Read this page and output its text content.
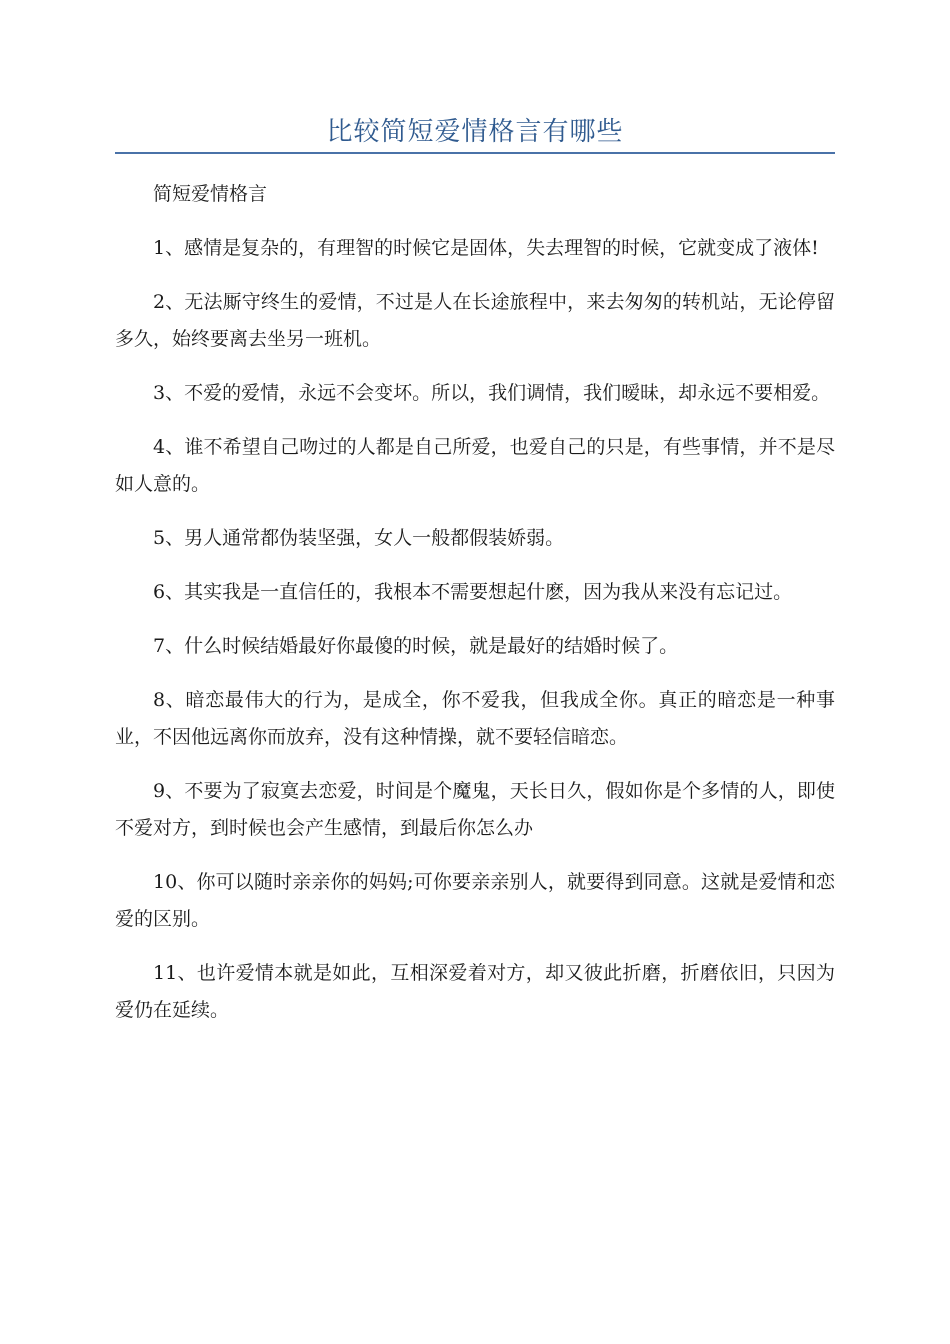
比较简短爱情格言有哪些

简短爱情格言

1、感情是复杂的，有理智的时候它是固体，失去理智的时候，它就变成了液体!

2、无法厮守终生的爱情，不过是人在长途旅程中，来去匆匆的转机站，无论停留多久，始终要离去坐另一班机。

3、不爱的爱情，永远不会变坏。所以，我们调情，我们暧昧，却永远不要相爱。

4、谁不希望自己吻过的人都是自己所爱，也爱自己的只是，有些事情，并不是尽如人意的。

5、男人通常都伪装坚强，女人一般都假装娇弱。

6、其实我是一直信任的，我根本不需要想起什麽，因为我从来没有忘记过。

7、什么时候结婚最好你最傻的时候，就是最好的结婚时候了。

8、暗恋最伟大的行为，是成全，你不爱我，但我成全你。真正的暗恋是一种事业，不因他远离你而放弃，没有这种情操，就不要轻信暗恋。

9、不要为了寂寞去恋爱，时间是个魔鬼，天长日久，假如你是个多情的人，即使不爱对方，到时候也会产生感情，到最后你怎么办

10、你可以随时亲亲你的妈妈;可你要亲亲别人，就要得到同意。这就是爱情和恋爱的区别。

11、也许爱情本就是如此，互相深爱着对方，却又彼此折磨，折磨依旧，只因为爱仍在延续。
